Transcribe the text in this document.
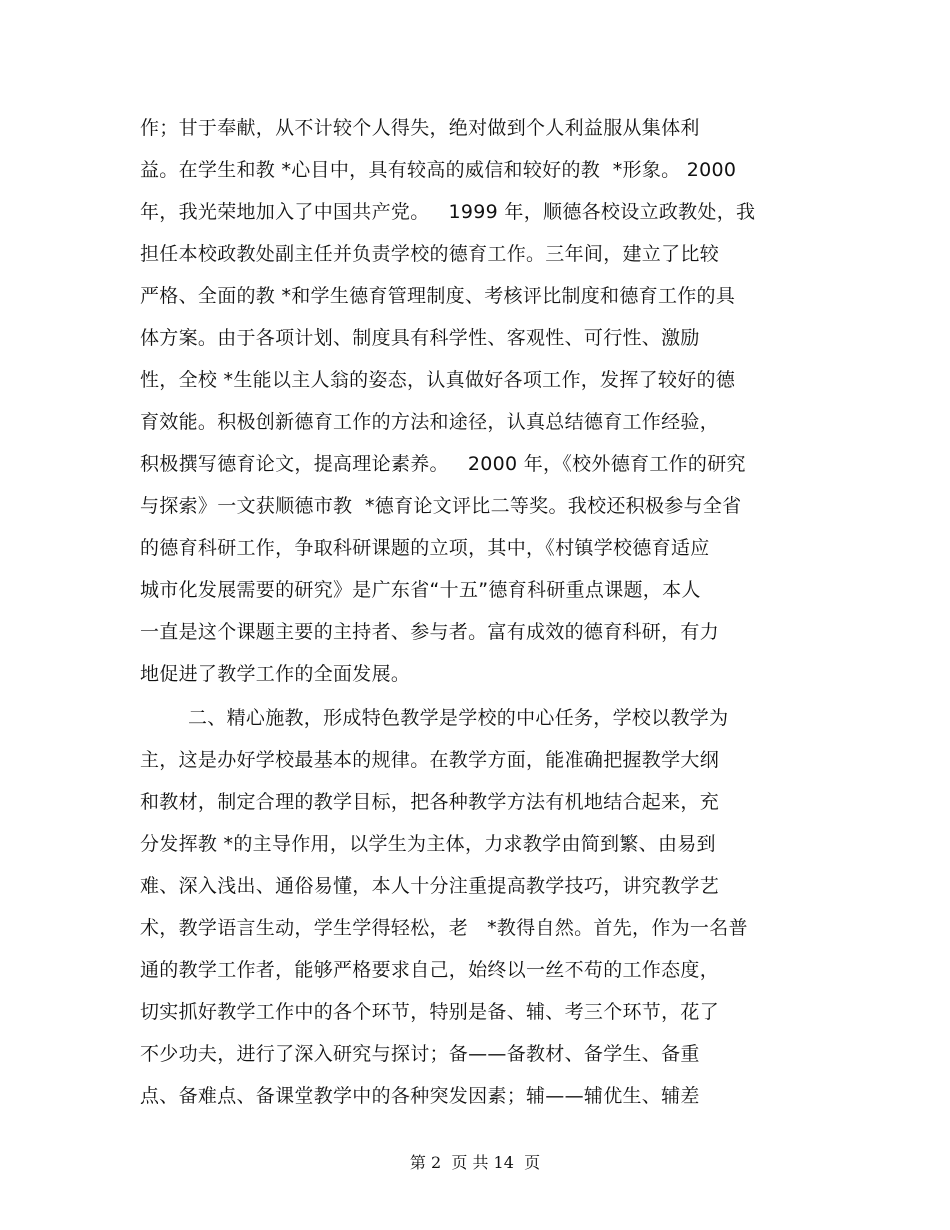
作；甘于奉献，从不计较个人得失，绝对做到个人利益服从集体利
益。在学生和教 *心目中，具有较高的威信和较好的教  *形象。 2000
年，我光荣地加入了中国共产党。   1999 年，顺德各校设立政教处，我
担任本校政教处副主任并负责学校的德育工作。三年间，建立了比较
严格、全面的教 *和学生德育管理制度、考核评比制度和德育工作的具
体方案。由于各项计划、制度具有科学性、客观性、可行性、激励
性，全校 *生能以主人翁的姿态，认真做好各项工作，发挥了较好的德
育效能。积极创新德育工作的方法和途径，认真总结德育工作经验，
积极撰写德育论文，提高理论素养。   2000 年，《校外德育工作的研究
与探索》一文获顺德市教  *德育论文评比二等奖。我校还积极参与全省
的德育科研工作，争取科研课题的立项，其中，《村镇学校德育适应
城市化发展需要的研究》是广东省“十五”德育科研重点课题，本人
一直是这个课题主要的主持者、参与者。富有成效的德育科研，有力
地促进了教学工作的全面发展。
二、精心施教，形成特色教学是学校的中心任务，学校以教学为
主，这是办好学校最基本的规律。在教学方面，能准确把握教学大纲
和教材，制定合理的教学目标，把各种教学方法有机地结合起来，充
分发挥教 *的主导作用，以学生为主体，力求教学由简到繁、由易到
难、深入浅出、通俗易懂，本人十分注重提高教学技巧，讲究教学艺
术，教学语言生动，学生学得轻松，老   *教得自然。首先，作为一名普
通的教学工作者，能够严格要求自己，始终以一丝不苟的工作态度，
切实抓好教学工作中的各个环节，特别是备、辅、考三个环节，花了
不少功夫，进行了深入研究与探讨；备——备教材、备学生、备重
点、备难点、备课堂教学中的各种突发因素；辅——辅优生、辅差
第 2  页 共 14  页
